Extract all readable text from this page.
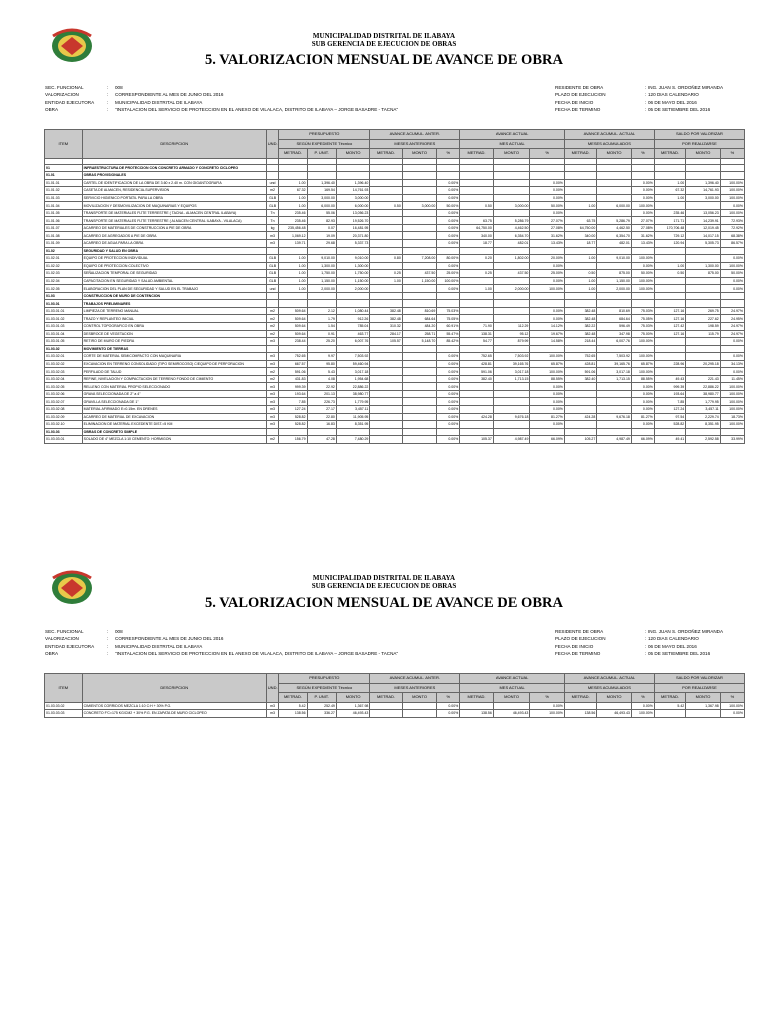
MUNICIPALIDAD DISTRITAL DE ILABAYA
SUB GERENCIA DE EJECUCION DE OBRAS
5. VALORIZACION MENSUAL DE AVANCE DE OBRA
SEC. FUNCIONAL	:	008
VALORIZACION	:	CORRESPONDIENTE AL MES DE JUNIO DEL 2016
ENTIDAD EJECUTORA	:	MUNICIPALIDAD DISTRITAL DE ILABAYA
OBRA	:	"INSTALACION DEL SERVICIO DE PROTECCION EN EL ANEXO DE VILALACA, DISTRITO DE ILABAYA – JORGE BASADRE - TACNA"
RESIDENTE DE OBRA	: ING. JUAN S. ORDOÑEZ MIRANDA
PLAZO DE EJECUCION	: 120 DIAS CALENDARIO
FECHA DE INICIO	: 06 DE MAYO DEL 2016
FECHA DE TERMINO	: 05 DE SETIEMBRE DEL 2016
ITEM	DESCRIPCION	UND.	PRESUPUESTO			AVANCE ACUMUL. ANTER.			AVANCE ACTUAL			AVANCE ACUMUL. ACTUAL			SALDO POR VALORIZAR		
			SEGÚN EXPEDIENTE Técnico			MESES ANTERIORES			MES ACTUAL			MESES ACUMULADOS			POR REALIZARSE		
			METRAD.	P. UNIT.	MONTO	METRAD.	MONTO	%	METRAD.	MONTO	%	METRAD.	MONTO	%	METRAD.	MONTO	%

01	INFRAESTRUCTURA DE PROTECCION CON CONCRETO ARMADO Y CONCRETO CICLOPEO																
01.01	OBRAS PROVISIONALES																
01.01.01	CARTEL DE IDENTIFICACION DE LA OBRA DE 3.60 x 2.40 m. CON GIGANTOGRAFIA	und	1.00	1,396.40	1,396.40			0.00%			0.00%			0.00%	1.00	1,396.40	100.00%
01.01.02	CASETA DE ALMACEN, RESIDENCIA-SUPERVISION	m2	67.32	169.54	14,761.93			0.00%			0.00%			0.00%	67.32	14,761.93	100.00%
01.01.03	SERVICIO HIGIENICO PORTATIL PARA LA OBRA	GLB	1.00	3,000.00	3,000.00			0.00%			0.00%			0.00%	1.00	3,000.00	100.00%
01.01.04	MOVILIZACION Y DESMOVILIZACION DE MAQUINARIAS Y EQUIPOS	GLB	1.00	6,000.00	6,000.00	0.50	3,000.00	50.00%	0.50	3,000.00	50.00%	1.00	6,000.00	100.00%			0.00%
01.01.05	TRANSPORTE DE MATERIALES FIJTE TERRESTRE ( TACNA - ALMACEN CENTRAL ILABAYA)	Tn	235.46	55.06	13,056.23			0.00%			0.00%			0.00%	235.46	13,056.23	100.00%
01.01.06	TRANSPORTE DE MATERIALES FIJTE TERRESTRE ( ALMACEN CENTRAL ILABAYA - VILALACA)	Tn	235.46	82.93	19,526.70			0.00%	63.75	5,286.79	27.07%	63.75	5,286.79	27.07%	171.71	14,239.91	72.93%
01.01.07	ACARREO DE MATERIALES DE CONSTRUCCION A PIE DE OBRA	kg	235,456.48	0.07	16,481.95			0.00%	64,750.00	4,462.50	27.08%	64,750.00	4,462.50	27.08%	170,706.48	12,019.45	72.92%
01.01.08	ACARREO DE AGREGADOS A PIE DE OBRA	m3	1,069.12	19.09	20,371.80			0.00%	340.00	6,354.70	31.62%	340.00	6,354.70	31.62%	729.12	14,017.15	68.38%
01.01.09	ACARREO DE AGUA PARA LA OBRA	m3	139.71	29.68	5,337.73			0.00%	18.77	482.01	13.43%	18.77	482.01	13.43%	120.94	5,305.73	86.57%
01.02	SEGURIDAD Y SALUD EN OBRA																
01.02.01	EQUIPO DE PROTECCION INDIVIDUAL	GLB	1.00	9,010.00	9,010.00	0.80	7,208.00	80.00%	0.20	1,802.00	20.00%	1.00	9,010.00	100.00%			0.00%
01.02.02	EQUIPO DE PROTECCION COLECTIVO	GLB	1.00	1,300.00	1,300.00			0.00%			0.00%			0.00%	1.00	1,300.00	100.00%
01.02.03	SEÑALIZACION TEMPORAL DE SEGURIDAD	GLB	1.00	1,750.00	1,750.00	0.25	437.50	25.00%	0.25	437.50	25.00%	0.50	875.00	50.00%	0.50	875.00	50.00%
01.02.04	CAPACITACION EN SEGURIDAD Y SALUD AMBIENTAL	GLB	1.00	1,150.00	1,150.00	1.00	1,150.00	100.00%			0.00%	1.00	1,150.00	100.00%			0.00%
01.02.05	ELABORACION DEL PLAN DE SEGURIDAD Y SALUD EN EL TRABAJO	und	1.00	2,000.00	2,000.00			0.00%	1.00	2,000.00	100.00%	1.00	2,000.00	100.00%			0.00%
01.03	CONSTRUCCION DE MURO DE CONTENCION																
01.03.01	TRABAJOS PRELIMINARES																
01.03.01.01	LIMPIEZA DE TERRENO MANUAL	m2	509.64	2.12	1,080.44	382.48	810.69	75.03%			0.00%	382.48	810.69	75.03%	127.16	269.75	24.97%
01.03.01.02	TRAZO Y REPLANTEO INICIAL	m2	509.64	1.79	912.26	382.48	684.64	75.05%			0.00%	382.48	684.64	75.05%	127.16	227.62	24.95%
01.03.01.03	CONTROL TOPOGRAFICO EN OBRA	m2	509.64	1.54	785.04	310.32	484.20	60.91%	71.90	112.29	14.12%	382.22	596.49	75.03%	127.42	198.59	24.97%
01.03.01.04	DESBROCE DE VEGETACION	m2	509.64	0.91	463.77	284.17	258.71	55.47%	138.31	95.12	19.67%	382.48	347.98	75.00%	127.16	115.79	24.97%
01.03.01.05	RETIRO DE MURO DE PIEDRA	m3	238.44	25.20	6,007.76	105.57	5,148.70	85.42%	54.77	879.99	14.58%	218.44	6,007.76	100.00%			0.00%
01.03.02	MOVIMIENTO DE TIERRAS																
01.03.02.01	CORTE DE MATERIAL SEMICOMPACTO CON MAQUINARIA	m3	752.65	9.97	7,503.92			0.00%	752.65	7,503.92	100.00%	752.65	7,503.92	100.00%			0.00%
01.03.02.02	EXCAVACION EN TERRENO CONSOLIDADO (TIPO SEMIROCOSO) C/EQUIPO DE PERFORACION	m3	667.57	95.80	59,460.94			0.00%	428.81	39,165.76	65.87%	428.81	39,165.76	65.87%	228.96	20,295.18	34.13%
01.03.02.03	PERFILADO DE TALUD	m2	591.06	5.43	3,017.18			0.00%	591.06	3,017.18	100.00%	591.06	3,017.18	100.00%			0.00%
01.03.02.04	REFINE, NIVELACION Y COMPACTACION DE TERRENO FONDO DE CIMIENTO	m2	431.83	4.08	1,954.68			0.00%	382.40	1,713.15	88.55%	382.40	1,713.15	88.55%	49.43	221.43	11.45%
01.03.02.05	RELLENO CON MATERIAL PROPIO SELECCIONADO	m3	999.39	22.92	22,886.22			0.00%			0.00%			0.00%	999.39	22,886.22	100.00%
01.03.02.06	GRAVA SELECCIONADA DE 2" a 4"	m3	193.64	201.13	38,980.77			0.00%			0.00%			0.00%	193.64	38,980.77	100.00%
01.03.02.07	GRAVILLA SELECCIONADA DE 1"	m3	7.85	226.73	1,779.95			0.00%			0.00%			0.00%	7.85	1,779.95	100.00%
01.03.02.08	MATERIAL AFIRMADO E=0.15m. EN DRENES	m3	127.24	27.17	3,457.11			0.00%			0.00%			0.00%	127.24	3,457.11	100.00%
01.03.02.09	ACARREO DE MATERIAL DE EXCAVACION	m3	528.82	22.80	11,905.95			0.00%	424.28	9,676.18	81.27%	424.28	9,676.18	81.27%	97.54	2,229.74	18.73%
01.03.02.10	ELIMINACION DE MATERIAL EXCEDENTE DIST.=5 KM	m3	528.82	16.83	8,351.95			0.00%			0.00%			0.00%	528.82	8,351.95	100.00%
01.03.03	OBRAS DE CONCRETO SIMPLE																
01.03.03.01	SOLADO DE 4" MEZCLA 1:10 CEMENTO: HORMIGON	m2	156.79	47.28	7,480.29			0.00%	105.37	4,987.49	66.09%	105.27	4,987.49	66.09%	49.41	2,592.58	33.99%
MUNICIPALIDAD DISTRITAL DE ILABAYA
SUB GERENCIA DE EJECUCION DE OBRAS
5. VALORIZACION MENSUAL DE AVANCE DE OBRA
SEC. FUNCIONAL	:	008
VALORIZACION	:	CORRESPONDIENTE AL MES DE JUNIO DEL 2016
ENTIDAD EJECUTORA	:	MUNICIPALIDAD DISTRITAL DE ILABAYA
OBRA	:	"INSTALACION DEL SERVICIO DE PROTECCION EN EL ANEXO DE VILALACA, DISTRITO DE ILABAYA – JORGE BASADRE - TACNA"
RESIDENTE DE OBRA	: ING. JUAN S. ORDOÑEZ MIRANDA
PLAZO DE EJECUCION	: 120 DIAS CALENDARIO
FECHA DE INICIO	: 06 DE MAYO DEL 2016
FECHA DE TERMINO	: 05 DE SETIEMBRE DEL 2016
ITEM	DESCRIPCION	UND.	PRESUPUESTO			AVANCE ACUMUL. ANTER.			AVANCE ACTUAL			AVANCE ACUMUL. ACTUAL			SALDO POR VALORIZAR		
			SEGÚN EXPEDIENTE Técnico			MESES ANTERIORES			MES ACTUAL			MESES ACUMULADOS			POR REALIZARSE		
			METRAD.	P. UNIT.	MONTO	METRAD.	MONTO	%	METRAD.	MONTO	%	METRAD.	MONTO	%	METRAD.	MONTO	%
01.03.03.02	CIMIENTOS CORRIDOS MEZCLA 1:10 C:H + 30% P.G.	m3	5.42	252.49	1,367.98			0.00%			0.00%			0.00%	5.42	1,367.98	100.00%
01.03.03.03	CONCRETO F'C=175 KG/CM2 + 30% P.G. EN ZAPATA DE MURO CICLOPEO	m3	138.56	336.27	46,493.43			0.00%	138.56	46,493.43	100.00%	138.56	46,493.43	100.00%			0.00%
